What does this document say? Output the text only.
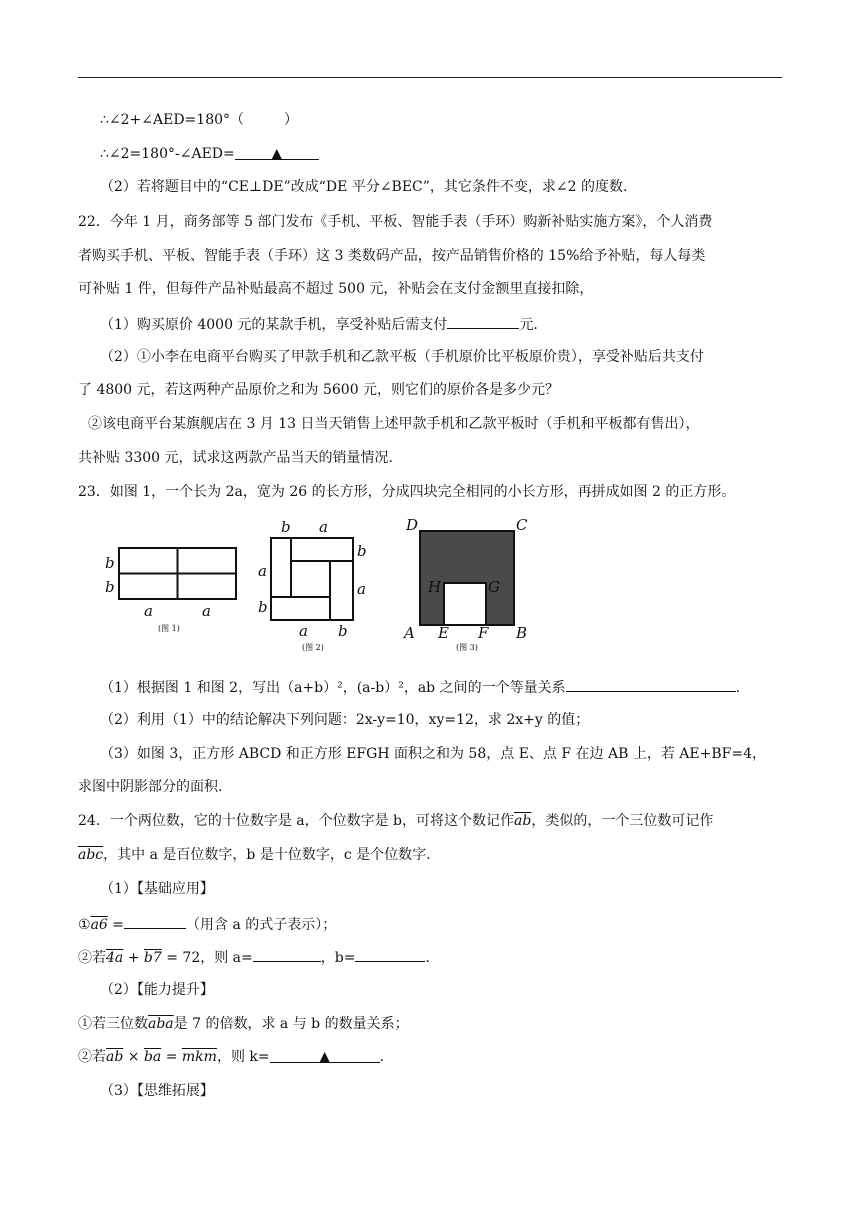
∴∠2+∠AED=180°（	）
∴∠2=180°-∠AED=	▲
（2）若将题目中的“CE⊥DE”改成“DE 平分∠BEC”，其它条件不变，求∠2 的度数.
22．今年 1 月，商务部等 5 部门发布《手机、平板、智能手表（手环）购新补贴实施方案》，个人消费
者购买手机、平板、智能手表（手环）这 3 类数码产品，按产品销售价格的 15%给予补贴，每人每类
可补贴 1 件，但每件产品补贴最高不超过 500 元，补贴会在支付金额里直接扣除，
（1）购买原价 4000 元的某款手机，享受补贴后需支付	元.
（2）①小李在电商平台购买了甲款手机和乙款平板（手机原价比平板原价贵），享受补贴后共支付
了 4800 元，若这两种产品原价之和为 5600 元，则它们的原价各是多少元？
②该电商平台某旗舰店在 3 月 13 日当天销售上述甲款手机和乙款平板时（手机和平板都有售出），
共补贴 3300 元，试求这两款产品当天的销量情况.
23．如图 1，一个长为 2a，宽为 26 的长方形，分成四块完全相同的小长方形，再拼成如图 2 的正方形。
b
b
a	a
(图 1)
b a
b
a
a
b
a b
(图 2)
D	C
H	G
A E F B
(图 3)
（1）根据图 1 和图 2，写出（a+b）²，(a-b）²，ab 之间的一个等量关系	.
（2）利用（1）中的结论解决下列问题：2x-y=10，xy=12，求 2x+y 的值；
（3）如图 3，正方形 ABCD 和正方形 EFGH 面积之和为 58，点 E、点 F 在边 AB 上，若 AE+BF=4，
求图中阴影部分的面积.
24．一个两位数，它的十位数字是 a，个位数字是 b，可将这个数记作$\overline{ab}$，类似的，一个三位数可记作
$\overline{abc}$，其中 a 是百位数字，b 是十位数字，c 是个位数字.
（1）【基础应用】
①a6 =	（用含 a 的式子表示）；
②若4a + b7 = 72，则 a=	，b=	.
（2）【能力提升】
①若三位数$\overline{aba}$是 7 的倍数，求 a 与 b 的数量关系；
②若$\overline{ab} \times \overline{ba} = \overline{mkm}$，则 k=	▲	.
（3）【思维拓展】
